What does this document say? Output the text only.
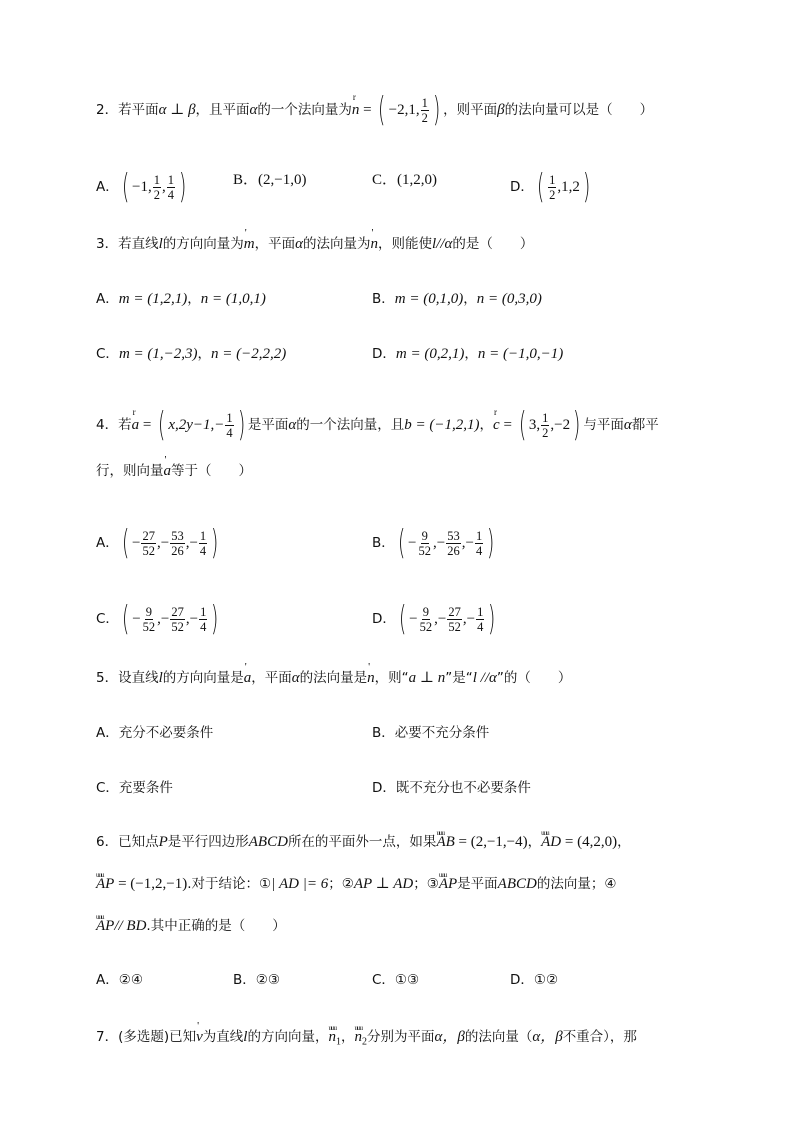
2．若平面α ⊥ β，且平面α的一个法向量为r n = ( −2,1, $\frac{1}{2}$ ) ，则平面β的法向量可以是（　　）
A．( −1, $\frac{1}{2}$ , $\frac{1}{4}$ )	B．(2,−1,0)	C．(1,2,0)	D．( $\frac{1}{2} ,1,2$)
3．若直线l的方向向量为' m，平面α的法向量为' n，则能使l//α的是（　　）
A．m = (1,2,1)，n = (1,0,1)	B．m = (0,1,0)，n = (0,3,0)
C．m = (1,−2,3)，n = (−2,2,2)	D．m = (0,2,1)，n = (−1,0,−1)
4．若r a = ( $x,2y-1,- \frac{1}{4}$ ) 是平面α的一个法向量，且b = (−1,2,1)，r c = ( 3, $\frac{1}{2} ,-2$) 与平面α都平
行，则向量' a等于（　　）
A．( − $\frac{27}{52}$ ,− $\frac{53}{26}$ ,− $\frac{1}{4}$ )	B．( − $\frac{9}{52}$ ,− $\frac{53}{26}$ ,− $\frac{1}{4}$ )
C．( − $\frac{9}{52}$ ,− $\frac{27}{52}$ ,− $\frac{1}{4}$ )	D．( − $\frac{9}{52}$ ,− $\frac{27}{52}$ ,− $\frac{1}{4}$ )
5．设直线l的方向向量是' a，平面α的法向量是' n，则“a ⊥ n”是“l //α”的（　　）
A．充分不必要条件	B．必要不充分条件
C．充要条件	D．既不充分也不必要条件
6．已知点P是平行四边形ABCD所在的平面外一点，如果uuu AB = (2,−1,−4)，uuu AD = (4,2,0)，
uuu AP = (−1,2,−1).对于结论：①| AD |= 6；②AP ⊥ AD；③uuu AP是平面ABCD的法向量；④
uuu AP// BD.其中正确的是（　　）
A．②④	B．②③	C．①③	D．①②
7．(多选题)已知' v为直线l的方向向量，uuu $n_1$，uuu $n_2$分别为平面α，β的法向量（α，β不重合），那
